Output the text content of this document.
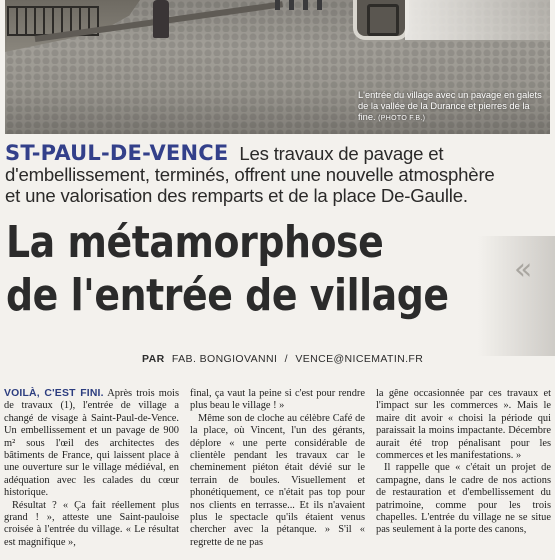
L'entrée du village avec un pavage en galets de la vallée de la Durance et pierres de la fine. (PHOTO F.B.)
ST-PAUL-DE-VENCE Les travaux de pavage et
d'embellissement, terminés, offrent une nouvelle atmosphère
et une valorisation des remparts et de la place De-Gaulle.
«
La métamorphose
de l'entrée de village
PAR FAB. BONGIOVANNI / VENCE@NICEMATIN.FR

VOILÀ, C'EST FINI. Après trois mois de travaux (1), l'entrée de village a changé de visage à Saint-Paul-de-Vence. Un embellissement et un pavage de 900 m² sous l'œil des architectes des bâtiments de France, qui laissent place à une ouverture sur le village médiéval, en adéquation avec les calades du cœur historique.

Résultat ? « Ça fait réellement plus grand ! », atteste une Saint-pauloise croisée à l'entrée du village. « Le résultat est magnifique »,

final, ça vaut la peine si c'est pour rendre plus beau le village ! »

Même son de cloche au célèbre Café de la place, où Vincent, l'un des gérants, déplore « une perte considérable de clientèle pendant les travaux car le cheminement piéton était dévié sur le terrain de boules. Visuellement et phonétiquement, ce n'était pas top pour nos clients en terrasse... Et ils n'avaient plus le spectacle qu'ils étaient venus chercher avec la pétanque. » S'il « regrette de ne pas

la gêne occasionnée par ces travaux et l'impact sur les commerces ». Mais le maire dit avoir « choisi la période qui paraissait la moins impactante. Décembre aurait été trop pénalisant pour les commerces et les manifestations. »

Il rappelle que « c'était un projet de campagne, dans le cadre de nos actions de restauration et d'embellissement du patrimoine, comme pour les trois chapelles. L'entrée du village ne se situe pas seulement à la porte des canons,
